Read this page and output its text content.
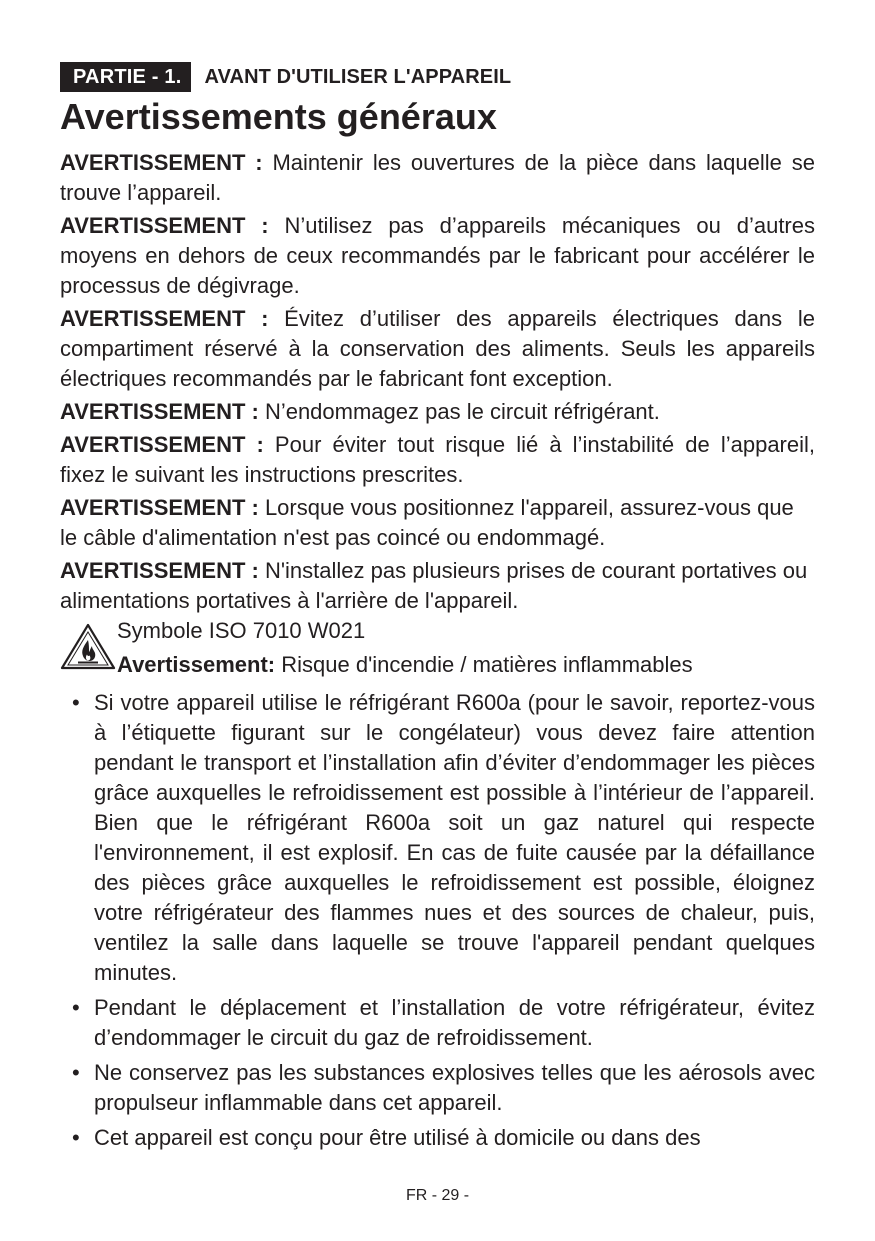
PARTIE - 1.	AVANT D'UTILISER L'APPAREIL
Avertissements généraux

AVERTISSEMENT : Maintenir les ouvertures de la pièce dans laquelle se trouve l’appareil.

AVERTISSEMENT : N’utilisez pas d’appareils mécaniques ou d’autres moyens en dehors de ceux recommandés par le fabricant pour accélérer le processus de dégivrage.

AVERTISSEMENT : Évitez d’utiliser des appareils électriques dans le compartiment réservé à la conservation des aliments. Seuls les appareils électriques recommandés par le fabricant font exception.

AVERTISSEMENT : N’endommagez pas le circuit réfrigérant.

AVERTISSEMENT : Pour éviter tout risque lié à l’instabilité de l’appareil, fixez le suivant les instructions prescrites.

AVERTISSEMENT : Lorsque vous positionnez l'appareil, assurez-vous que le câble d'alimentation n'est pas coincé ou endommagé.

AVERTISSEMENT : N'installez pas plusieurs prises de courant portatives ou alimentations portatives à l'arrière de l'appareil.

Symbole ISO 7010 W021
Avertissement: Risque d'incendie / matières inflammables
• Si votre appareil utilise le réfrigérant R600a (pour le savoir, reportez-vous à l’étiquette figurant sur le congélateur) vous devez faire attention pendant le transport et l’installation afin d’éviter d’endommager les pièces grâce auxquelles le refroidissement est possible à l’intérieur de l’appareil. Bien que le réfrigérant R600a soit un gaz naturel qui respecte l'environnement, il est explosif. En cas de fuite causée par la défaillance des pièces grâce auxquelles le refroidissement est possible, éloignez votre réfrigérateur des flammes nues et des sources de chaleur, puis, ventilez la salle dans laquelle se trouve l'appareil pendant quelques minutes.
• Pendant le déplacement et l’installation de votre réfrigérateur, évitez d’endommager le circuit du gaz de refroidissement.
• Ne conservez pas les substances explosives telles que les aérosols avec propulseur inflammable dans cet appareil.
• Cet appareil est conçu pour être utilisé à domicile ou dans des
FR - 29 -
